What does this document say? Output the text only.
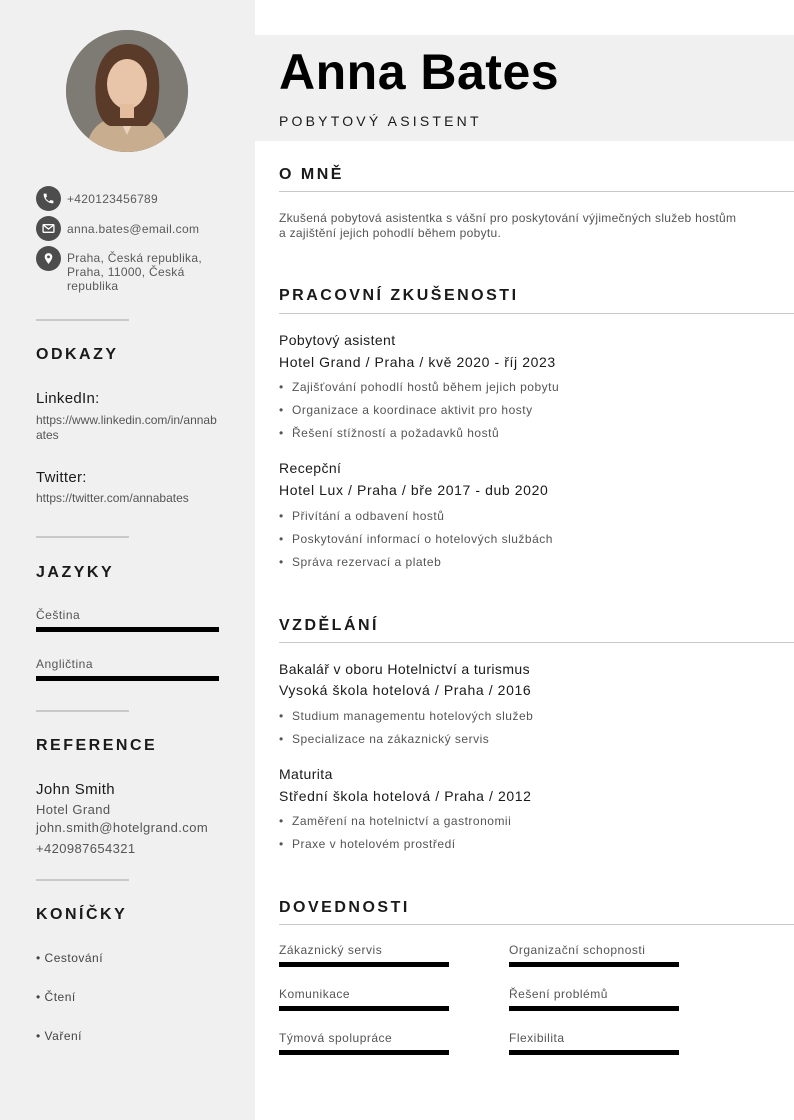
+420123456789
anna.bates@email.com
Praha, Česká republika, Praha, 11000, Česká republika
ODKAZY
LinkedIn:
https://www.linkedin.com/in/annabates
Twitter:
https://twitter.com/annabates
JAZYKY
Čeština
Angličtina
REFERENCE
John Smith
Hotel Grand
john.smith@hotelgrand.com
+420987654321
KONÍČKY
• Cestování
• Čtení
• Vaření
Anna Bates
POBYTOVÝ ASISTENT
O MNĚ
Zkušená pobytová asistentka s vášní pro poskytování výjimečných služeb hostům a zajištění jejich pohodlí během pobytu.
PRACOVNÍ ZKUŠENOSTI
Pobytový asistent
Hotel Grand / Praha / kvě 2020 - říj 2023
• Zajišťování pohodlí hostů během jejich pobytu
• Organizace a koordinace aktivit pro hosty
• Řešení stížností a požadavků hostů
Recepční
Hotel Lux / Praha / bře 2017 - dub 2020
• Přivítání a odbavení hostů
• Poskytování informací o hotelových službách
• Správa rezervací a plateb
VZDĚLÁNÍ
Bakalář v oboru Hotelnictví a turismus
Vysoká škola hotelová / Praha / 2016
• Studium managementu hotelových služeb
• Specializace na zákaznický servis
Maturita
Střední škola hotelová / Praha / 2012
• Zaměření na hotelnictví a gastronomii
• Praxe v hotelovém prostředí
DOVEDNOSTI
Zákaznický servis	Organizační schopnosti
Komunikace	Řešení problémů
Týmová spolupráce	Flexibilita
